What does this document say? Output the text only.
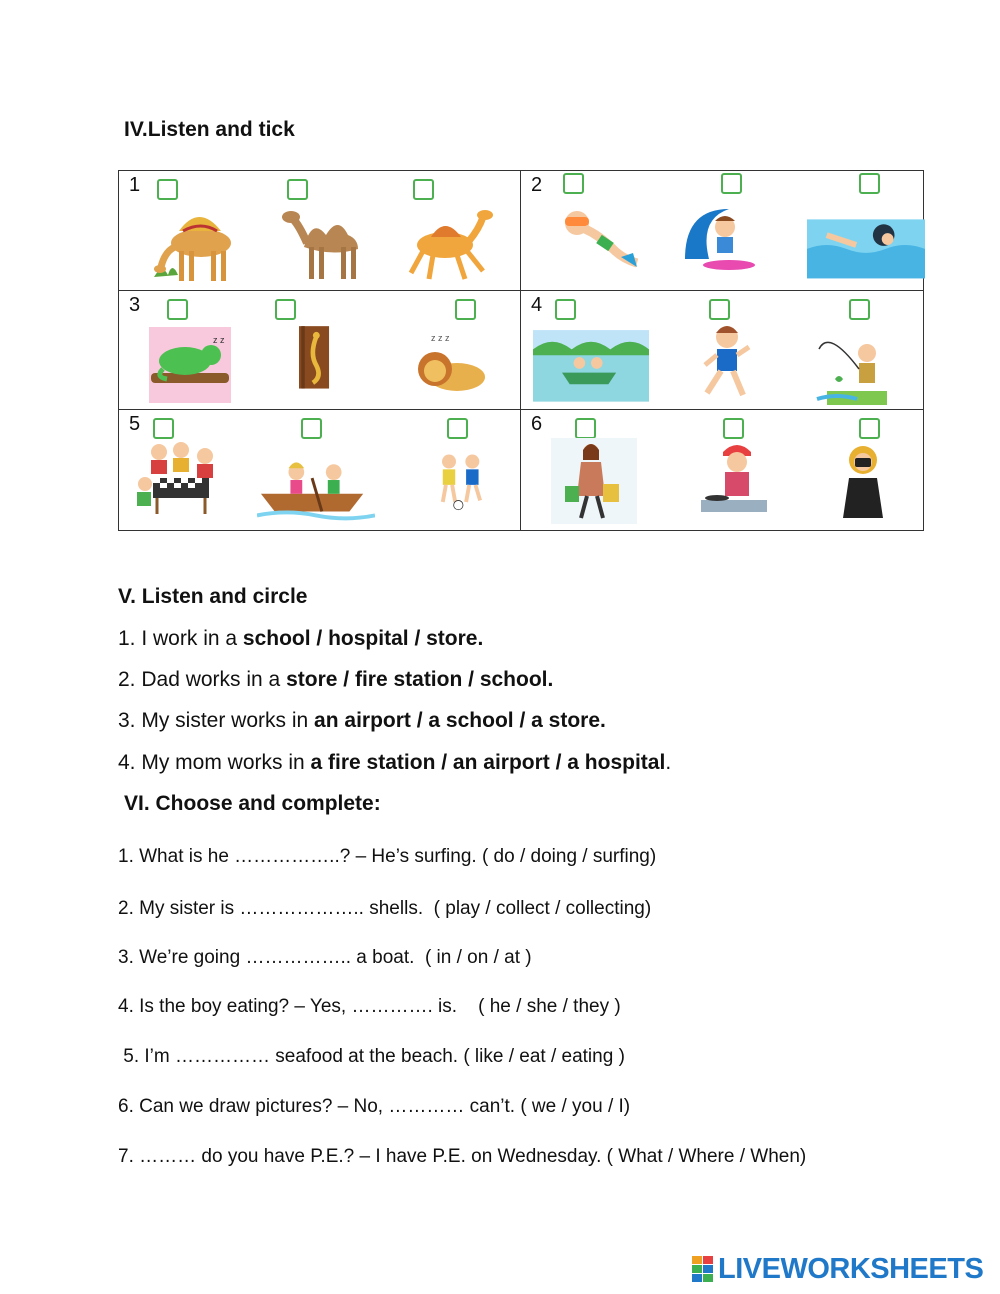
IV.Listen and tick
1	2
3
z z	z z z
4
5	6
V. Listen and circle
1. I work in a school / hospital / store.
2. Dad works in a store / fire station / school.
3. My sister works in an airport / a school / a store.
4. My mom works in a fire station / an airport / a hospital.
VI. Choose and complete:
1. What is he ……………..? – He’s surfing. ( do / doing / surfing)
2. My sister is ……………….. shells.  ( play / collect / collecting)
3. We’re going …………….. a boat.  ( in / on / at )
4. Is the boy eating? – Yes, …………. is.    ( he / she / they )
5. I’m …………… seafood at the beach. ( like / eat / eating )
6. Can we draw pictures? – No, ………… can’t. ( we / you / I)
7. ……… do you have P.E.? – I have P.E. on Wednesday. ( What / Where / When)
LIVEWORKSHEETS
